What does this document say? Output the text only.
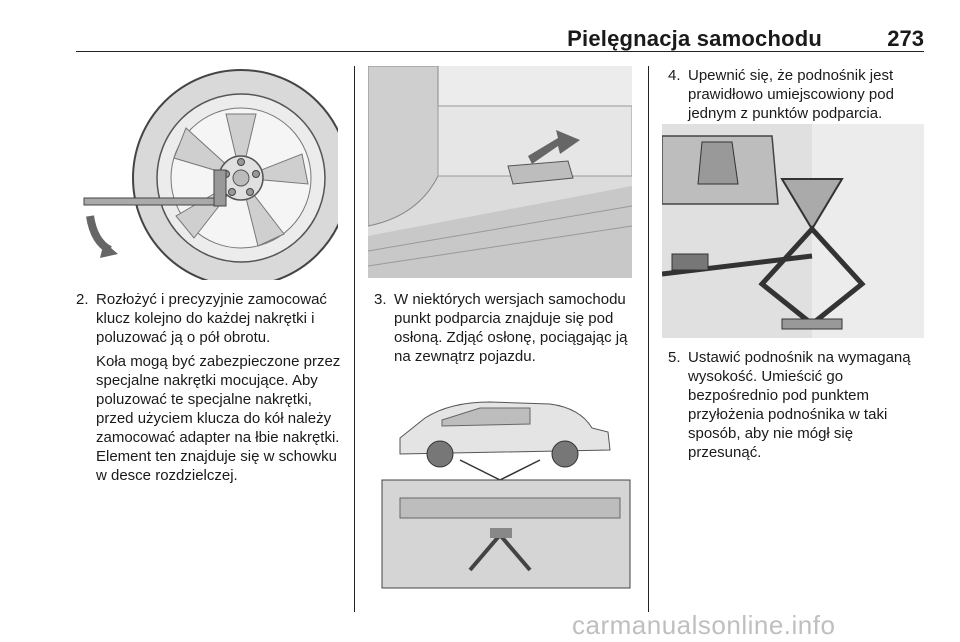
Pielęgnacja samochodu	273
2. Rozłożyć i precyzyjnie zamocować klucz kolejno do każdej nakrętki i poluzować ją o pół obrotu.

Koła mogą być zabezpieczone przez specjalne nakrętki mocujące. Aby poluzować te specjalne nakrętki, przed użyciem klucza do kół należy zamocować adapter na łbie nakrętki. Element ten znajduje się w schowku w desce rozdzielczej.

3. W niektórych wersjach samochodu punkt podparcia znajduje się pod osłoną. Zdjąć osłonę, pociągając ją na zewnątrz pojazdu.

4. Upewnić się, że podnośnik jest prawidłowo umiejscowiony pod jednym z punktów podparcia.

5. Ustawić podnośnik na wymaganą wysokość. Umieścić go bezpośrednio pod punktem przyłożenia podnośnika w taki sposób, aby nie mógł się przesunąć.

carmanualsonline.info
